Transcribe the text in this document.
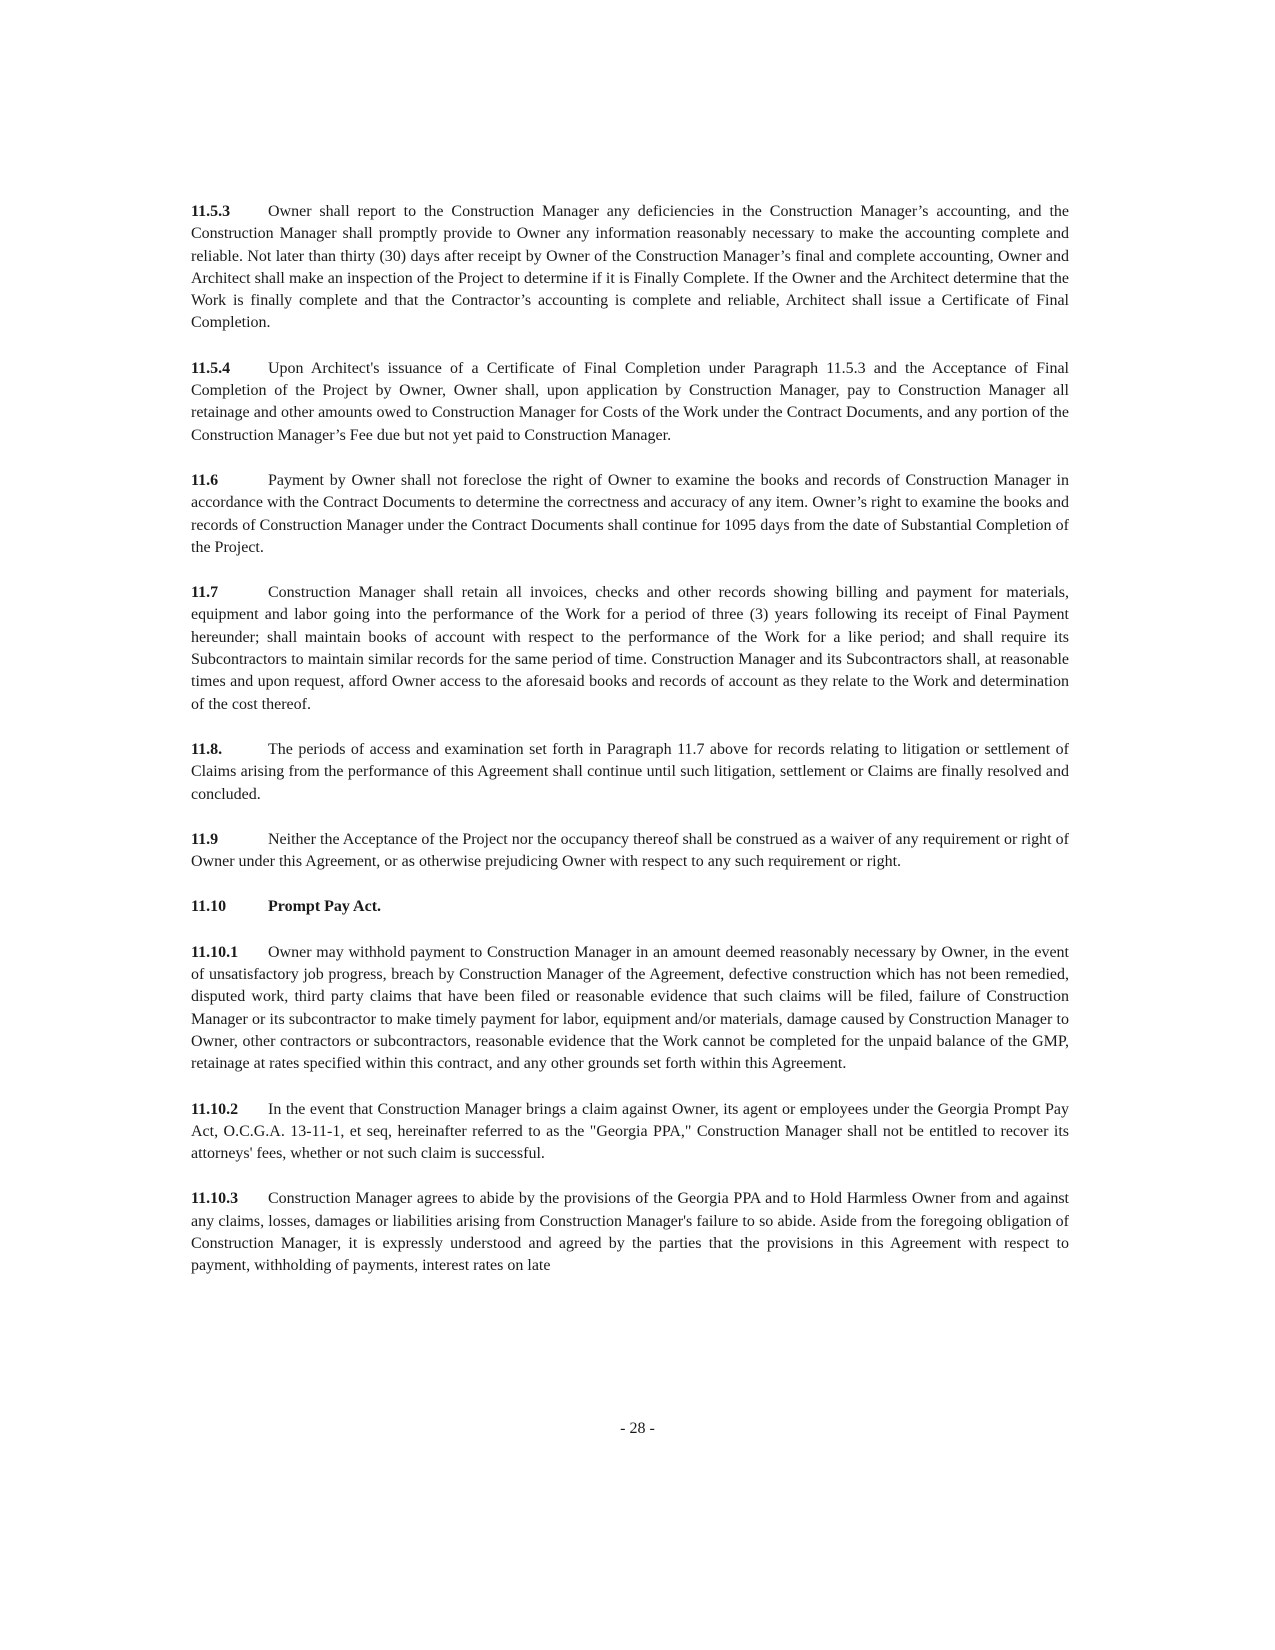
11.5.3 Owner shall report to the Construction Manager any deficiencies in the Construction Manager’s accounting, and the Construction Manager shall promptly provide to Owner any information reasonably necessary to make the accounting complete and reliable. Not later than thirty (30) days after receipt by Owner of the Construction Manager’s final and complete accounting, Owner and Architect shall make an inspection of the Project to determine if it is Finally Complete. If the Owner and the Architect determine that the Work is finally complete and that the Contractor’s accounting is complete and reliable, Architect shall issue a Certificate of Final Completion.

11.5.4 Upon Architect's issuance of a Certificate of Final Completion under Paragraph 11.5.3 and the Acceptance of Final Completion of the Project by Owner, Owner shall, upon application by Construction Manager, pay to Construction Manager all retainage and other amounts owed to Construction Manager for Costs of the Work under the Contract Documents, and any portion of the Construction Manager’s Fee due but not yet paid to Construction Manager.

11.6	Payment by Owner shall not foreclose the right of Owner to examine the books and records of Construction Manager in accordance with the Contract Documents to determine the correctness and accuracy of any item. Owner’s right to examine the books and records of Construction Manager under the Contract Documents shall continue for 1095 days from the date of Substantial Completion of the Project.

11.7	Construction Manager shall retain all invoices, checks and other records showing billing and payment for materials, equipment and labor going into the performance of the Work for a period of three (3) years following its receipt of Final Payment hereunder; shall maintain books of account with respect to the performance of the Work for a like period; and shall require its Subcontractors to maintain similar records for the same period of time. Construction Manager and its Subcontractors shall, at reasonable times and upon request, afford Owner access to the aforesaid books and records of account as they relate to the Work and determination of the cost thereof.

11.8.	The periods of access and examination set forth in Paragraph 11.7 above for records relating to litigation or settlement of Claims arising from the performance of this Agreement shall continue until such litigation, settlement or Claims are finally resolved and concluded.

11.9	Neither the Acceptance of the Project nor the occupancy thereof shall be construed as a waiver of any requirement or right of Owner under this Agreement, or as otherwise prejudicing Owner with respect to any such requirement or right.

11.10	Prompt Pay Act.

11.10.1 Owner may withhold payment to Construction Manager in an amount deemed reasonably necessary by Owner, in the event of unsatisfactory job progress, breach by Construction Manager of the Agreement, defective construction which has not been remedied, disputed work, third party claims that have been filed or reasonable evidence that such claims will be filed, failure of Construction Manager or its subcontractor to make timely payment for labor, equipment and/or materials, damage caused by Construction Manager to Owner, other contractors or subcontractors, reasonable evidence that the Work cannot be completed for the unpaid balance of the GMP, retainage at rates specified within this contract, and any other grounds set forth within this Agreement.

11.10.2 In the event that Construction Manager brings a claim against Owner, its agent or employees under the Georgia Prompt Pay Act, O.C.G.A. 13-11-1, et seq, hereinafter referred to as the "Georgia PPA," Construction Manager shall not be entitled to recover its attorneys' fees, whether or not such claim is successful.

11.10.3 Construction Manager agrees to abide by the provisions of the Georgia PPA and to Hold Harmless Owner from and against any claims, losses, damages or liabilities arising from Construction Manager's failure to so abide. Aside from the foregoing obligation of Construction Manager, it is expressly understood and agreed by the parties that the provisions in this Agreement with respect to payment, withholding of payments, interest rates on late

- 28 -
